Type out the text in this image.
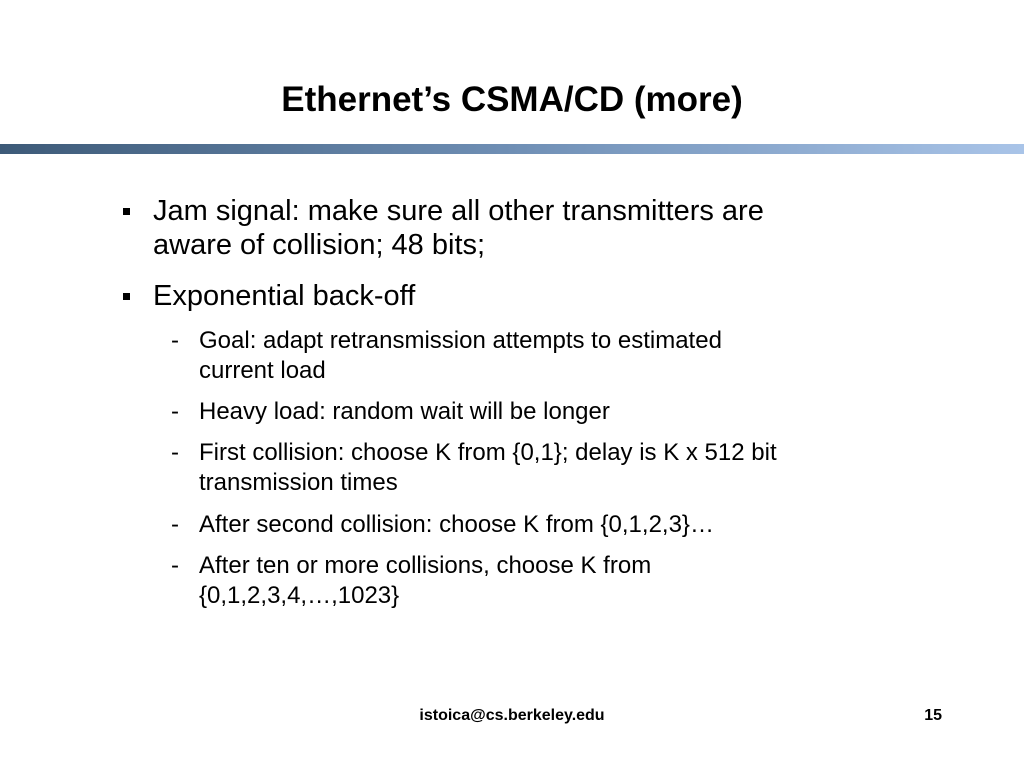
Ethernet’s CSMA/CD (more)
Jam signal: make sure all other transmitters are
aware of collision; 48 bits;
Exponential back-off
- Goal: adapt retransmission attempts to estimated
current load
- Heavy load: random wait will be longer
- First collision: choose K from {0,1}; delay is K x 512 bit
transmission times
- After second collision: choose K from {0,1,2,3}…
- After ten or more collisions, choose K from
{0,1,2,3,4,…,1023}
istoica@cs.berkeley.edu	15
